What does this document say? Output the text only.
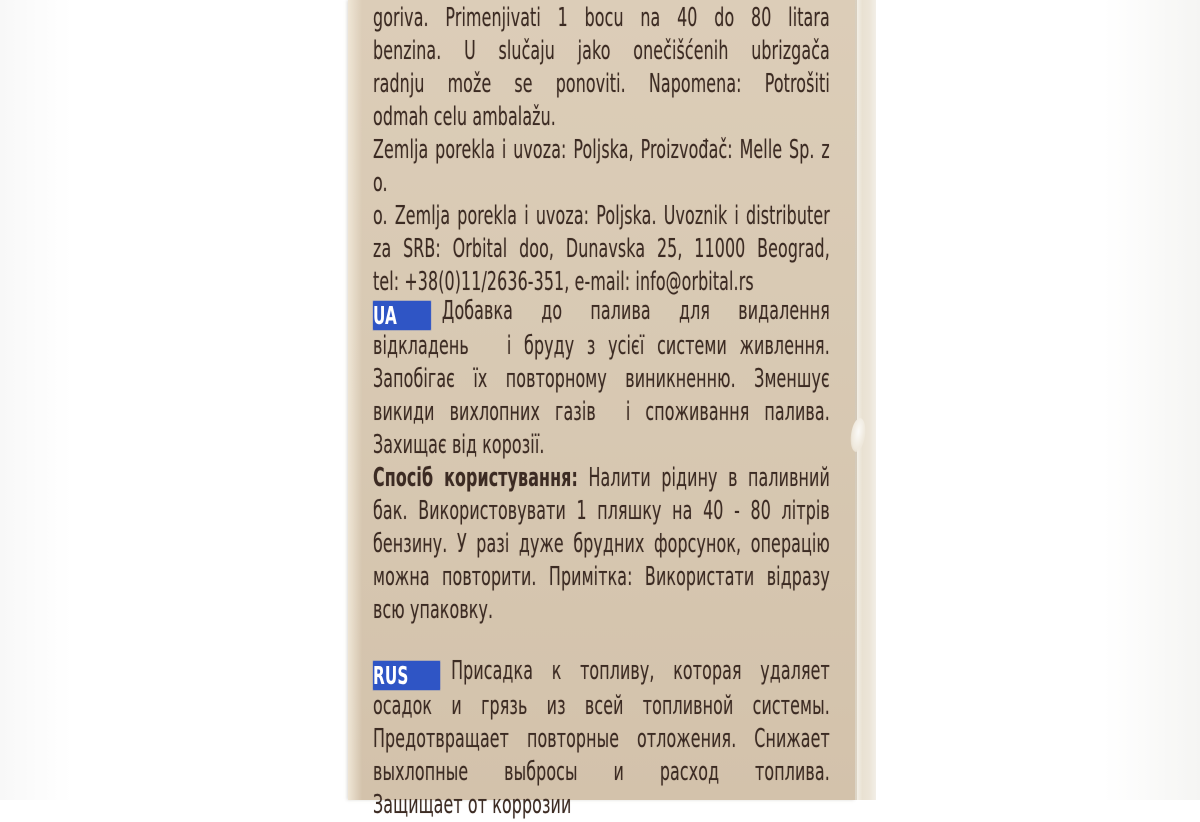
goriva. Primenjivati 1 bocu na 40 do 80 litara
benzina. U slučaju jako onečišćenih ubrizgača
radnju može se ponoviti. Napomena: Potrošiti
odmah celu ambalažu.
Zemlja porekla i uvoza: Poljska, Proizvođač: Melle Sp. z o.
o. Zemlja porekla i uvoza: Poljska. Uvoznik i distributer
za SRB: Orbital doo, Dunavska 25, 11000 Beograd,
tel: +38(0)11/2636-351, e-mail: info@orbital.rs
UA Добавка до палива для видалення
відкладень   і бруду з усієї системи живлення.
Запобігає їх повторному виникненню. Зменшує
викиди вихлопних газів  і споживання палива.
Захищає від корозії.
Спосіб користування: Налити рідину в паливний
бак. Використовувати 1 пляшку на 40 - 80 літрів
бензину. У разі дуже брудних форсунок, операцію
можна повторити. Примітка: Використати відразу
всю упаковку.
RUS Присадка к топливу, которая удаляет
осадок и грязь из всей топливной системы.
Предотвращает повторные отложения. Снижает
выхлопные выбросы и расход топлива.
Защищает от коррозии
